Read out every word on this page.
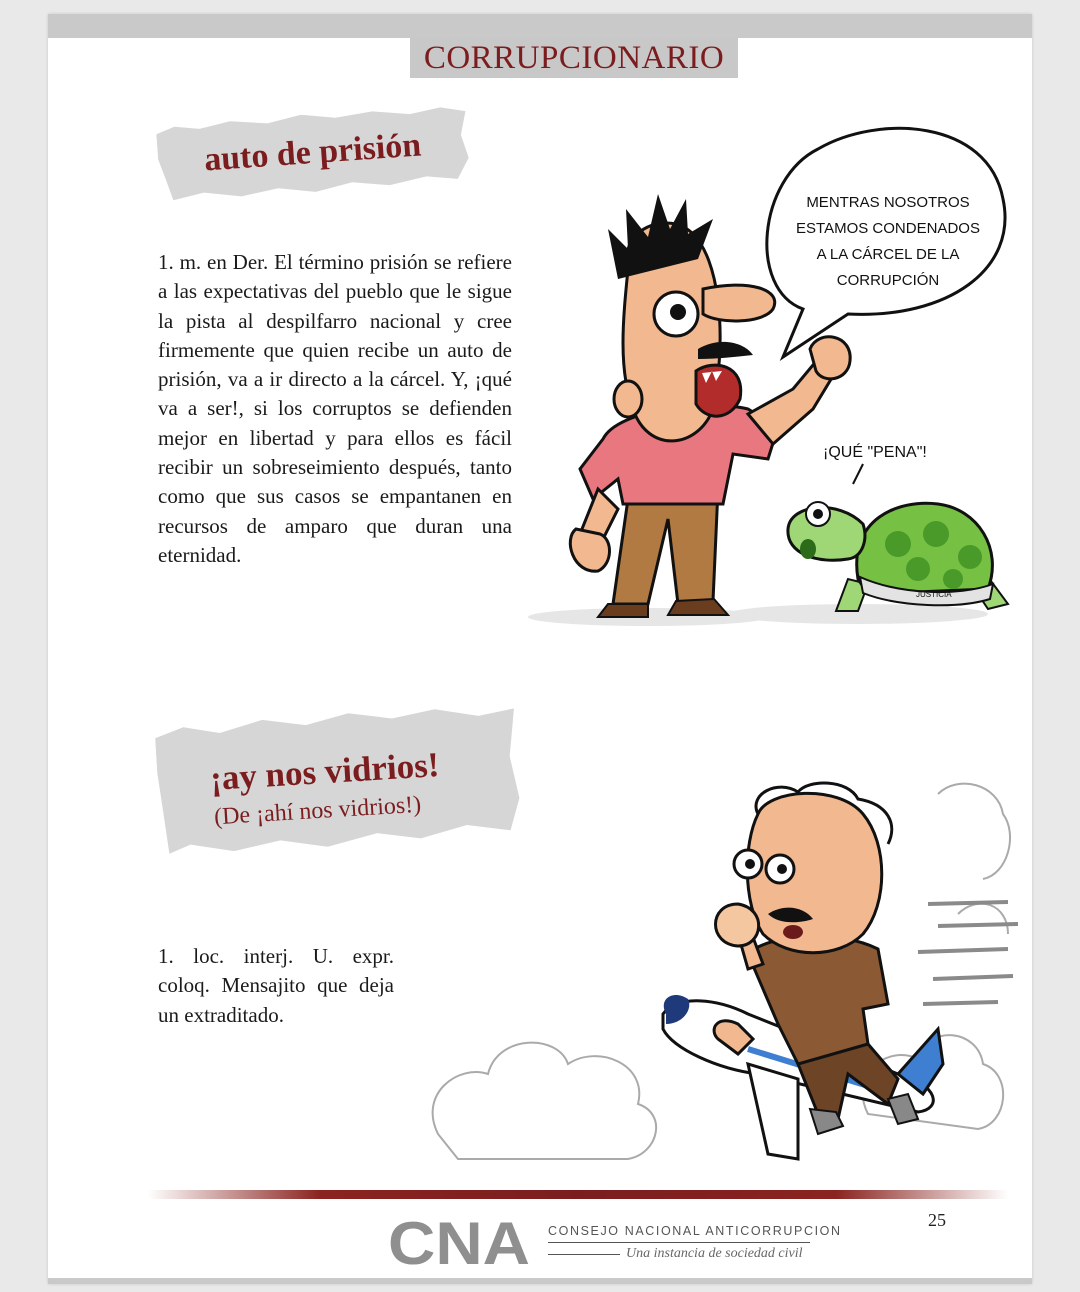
CORRUPCIONARIO
auto de prisión
1. m. en Der. El término prisión se refiere a las expectativas del pueblo que le sigue la pista al despilfarro nacional y cree firmemente que quien recibe un auto de prisión, va a ir directo a la cárcel. Y, ¡qué va a ser!, si los corruptos se defienden mejor en libertad y para ellos es fácil recibir un sobreseimiento después, tanto como que sus casos se empantanen en recursos de amparo que duran una eternidad.
MENTRAS NOSOTROS
ESTAMOS CONDENADOS
A LA CÁRCEL DE LA
CORRUPCIÓN
¡QUÉ "PENA"!
JUSTICIA
¡ay nos vidrios!
(De ¡ahí nos vidrios!)
1. loc. interj. U. expr. coloq. Mensajito que deja un extraditado.
25
CNA CONSEJO NACIONAL ANTICORRUPCION
Una instancia de sociedad civil
